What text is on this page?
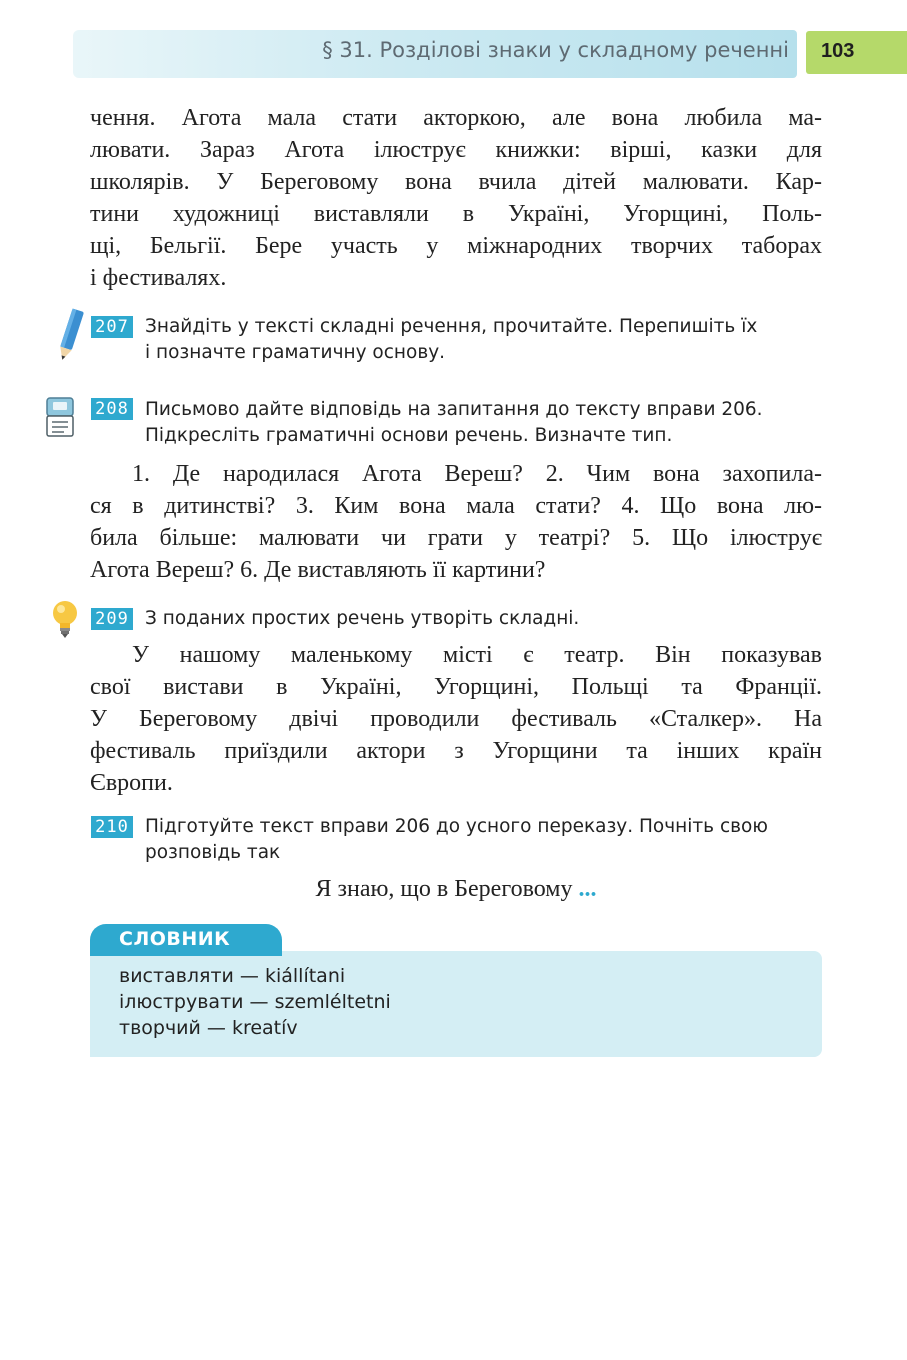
§ 31. Розділові знаки у складному реченні 103
чення. Агота мала стати акторкою, але вона любила ма-
лювати. Зараз Агота ілюструє книжки: вірші, казки для
школярів. У Береговому вона вчила дітей малювати. Кар-
тини художниці виставляли в Україні, Угорщині, Поль-
щі, Бельгії. Бере участь у міжнародних творчих таборах
і фестивалях.
207 Знайдіть у тексті складні речення, прочитайте. Перепишіть їх
і позначте граматичну основу.
208 Письмово дайте відповідь на запитання до тексту вправи 206.
Підкресліть граматичні основи речень. Визначте тип.
1. Де народилася Агота Вереш? 2. Чим вона захопила-
ся в дитинстві? 3. Ким вона мала стати? 4. Що вона лю-
била більше: малювати чи грати у театрі? 5. Що ілюструє
Агота Вереш? 6. Де виставляють її картини?
209 З поданих простих речень утворіть складні.
У нашому маленькому місті є театр. Він показував
свої вистави в Україні, Угорщині, Польщі та Франції.
У Береговому двічі проводили фестиваль «Сталкер». На
фестиваль приїздили актори з Угорщини та інших країн
Європи.
210 Підготуйте текст вправи 206 до усного переказу. Почніть свою
розповідь так
Я знаю, що в Береговому ...
СЛОВНИК
виставляти — kiállítani
ілюструвати — szemléltetni
творчий — kreatív
